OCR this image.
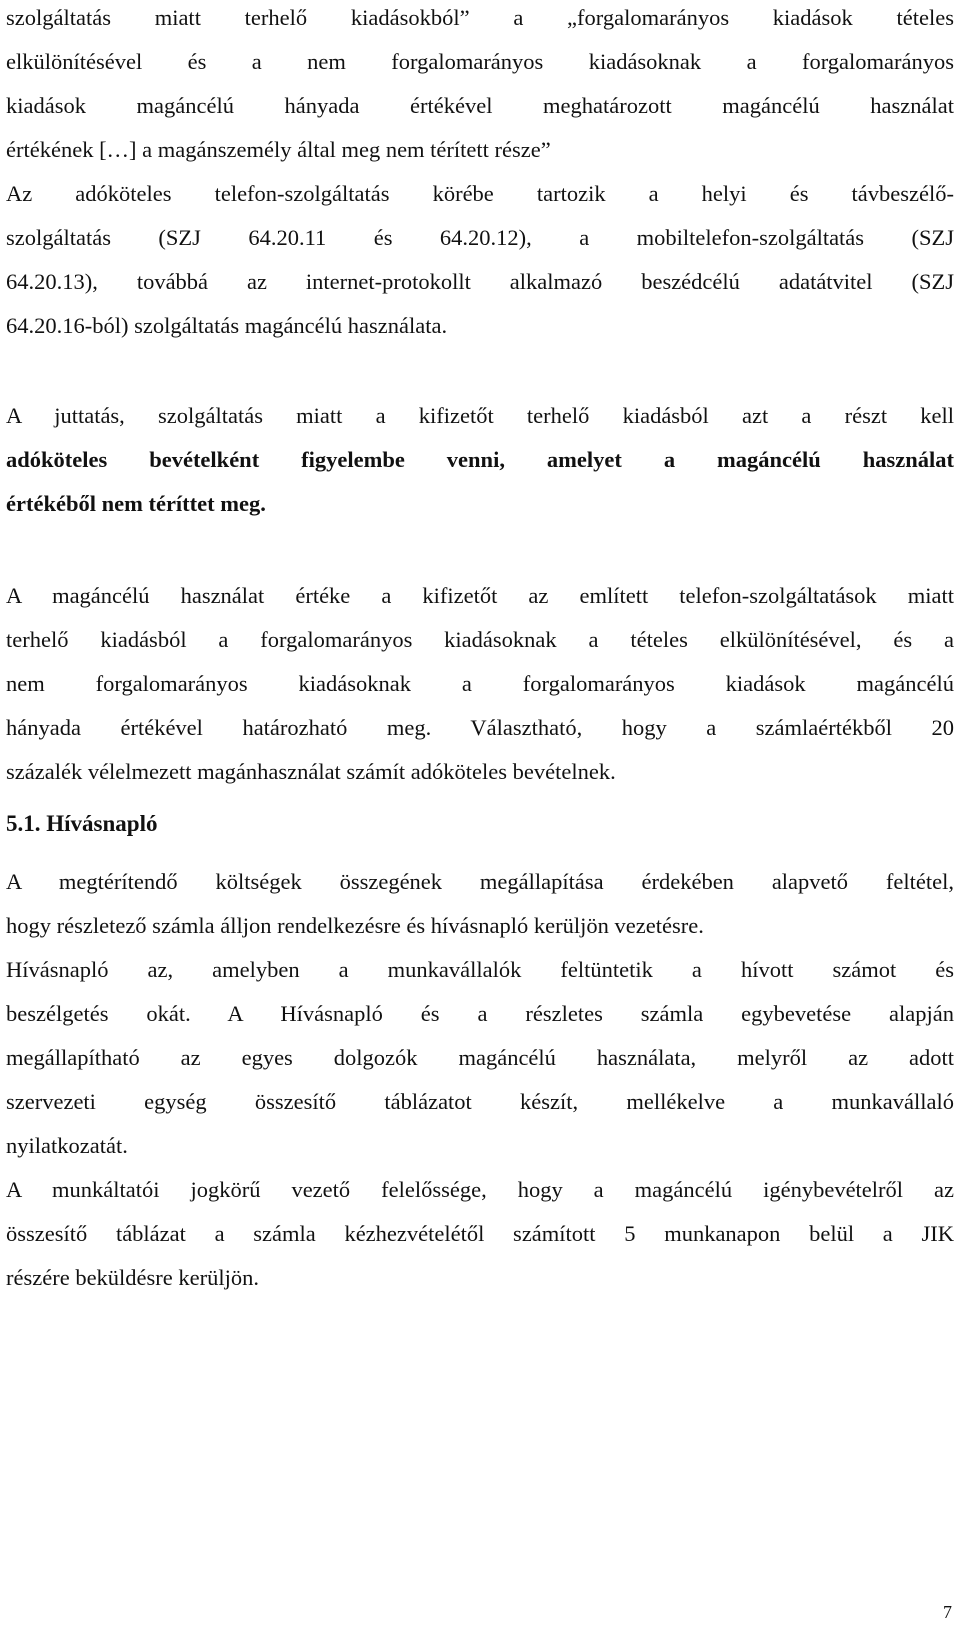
szolgáltatás miatt terhelő kiadásokból” a „forgalomarányos kiadások tételes
elkülönítésével és a nem forgalomarányos kiadásoknak a forgalomarányos
kiadások magáncélú hányada értékével meghatározott magáncélú használat
értékének […] a magánszemély által meg nem térített része”
Az adóköteles telefon-szolgáltatás körébe tartozik a helyi és távbeszélő-
szolgáltatás (SZJ 64.20.11 és 64.20.12), a mobiltelefon-szolgáltatás (SZJ
64.20.13), továbbá az internet-protokollt alkalmazó beszédcélú adatátvitel (SZJ
64.20.16-ból) szolgáltatás magáncélú használata.
A juttatás, szolgáltatás miatt a kifizetőt terhelő kiadásból azt a részt kell
adóköteles bevételként figyelembe venni, amelyet a magáncélú használat
értékéből nem téríttet meg.
A magáncélú használat értéke a kifizetőt az említett telefon-szolgáltatások miatt
terhelő kiadásból a forgalomarányos kiadásoknak a tételes elkülönítésével, és a
nem forgalomarányos kiadásoknak a forgalomarányos kiadások magáncélú
hányada értékével határozható meg. Választható, hogy a számlaértékből 20
százalék vélelmezett magánhasználat számít adóköteles bevételnek.
5.1. Hívásnapló
A megtérítendő költségek összegének megállapítása érdekében alapvető feltétel,
hogy részletező számla álljon rendelkezésre és hívásnapló kerüljön vezetésre.
Hívásnapló az, amelyben a munkavállalók feltüntetik a hívott számot és
beszélgetés okát. A Hívásnapló és a részletes számla egybevetése alapján
megállapítható az egyes dolgozók magáncélú használata, melyről az adott
szervezeti egység összesítő táblázatot készít, mellékelve a munkavállaló
nyilatkozatát.
A munkáltatói jogkörű vezető felelőssége, hogy a magáncélú igénybevételről az
összesítő táblázat a számla kézhezvételétől számított 5 munkanapon belül a JIK
részére beküldésre kerüljön.
7
